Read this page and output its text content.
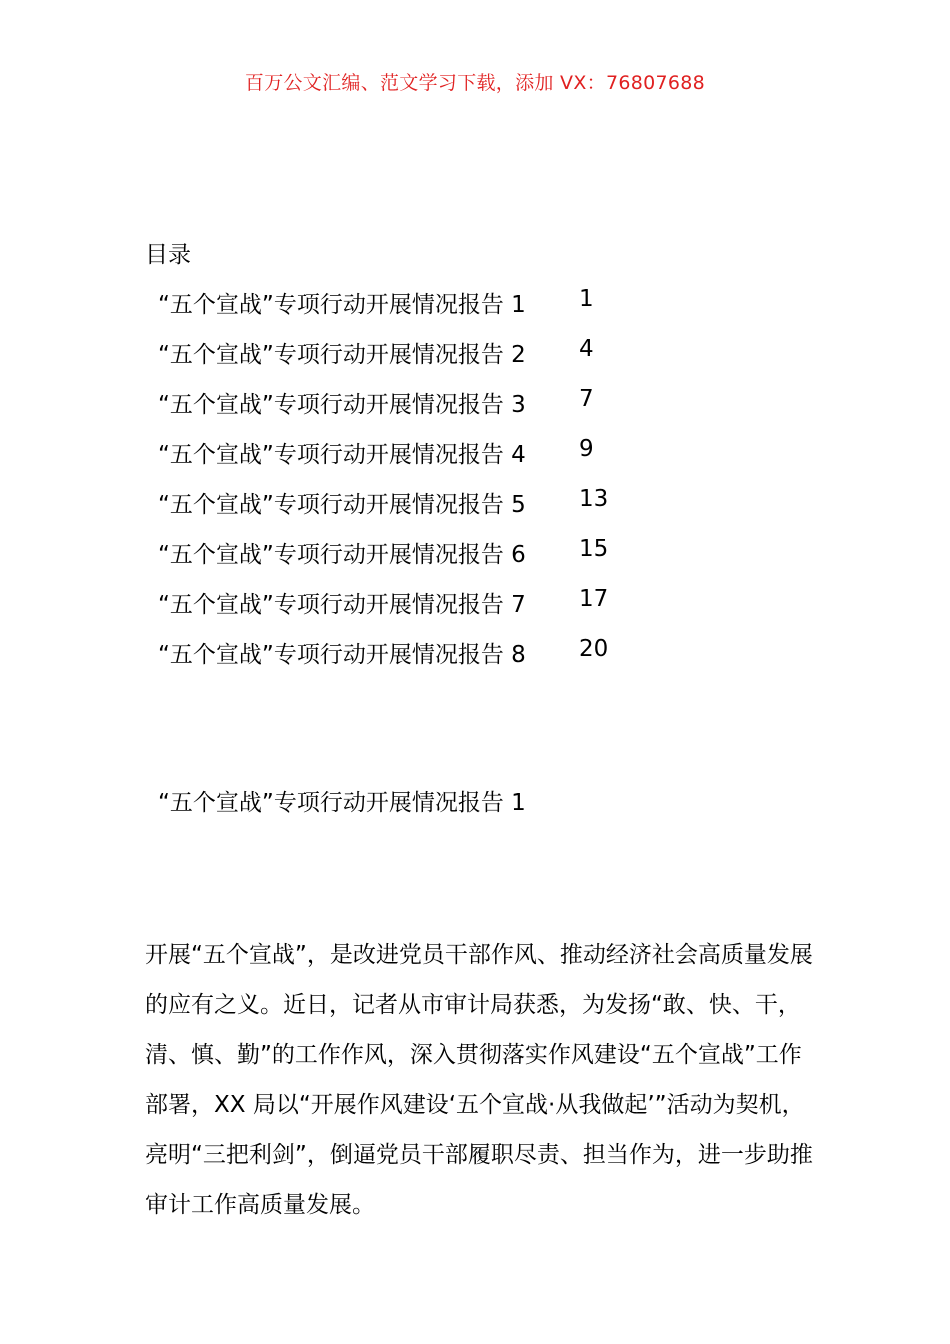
百万公文汇编、范文学习下载，添加 VX：76807688
目录
“五个宣战”专项行动开展情况报告 1 1
“五个宣战”专项行动开展情况报告 2 4
“五个宣战”专项行动开展情况报告 3 7
“五个宣战”专项行动开展情况报告 4 9
“五个宣战”专项行动开展情况报告 5 13
“五个宣战”专项行动开展情况报告 6 15
“五个宣战”专项行动开展情况报告 7 17
“五个宣战”专项行动开展情况报告 8 20
“五个宣战”专项行动开展情况报告 1

开展“五个宣战”，是改进党员干部作风、推动经济社会高质量发展的应有之义。近日，记者从市审计局获悉，为发扬“敢、快、干，清、慎、勤”的工作作风，深入贯彻落实作风建设“五个宣战”工作部署，XX 局以“开展作风建设‘五个宣战·从我做起’”活动为契机，亮明“三把利剑”，倒逼党员干部履职尽责、担当作为，进一步助推审计工作高质量发展。
